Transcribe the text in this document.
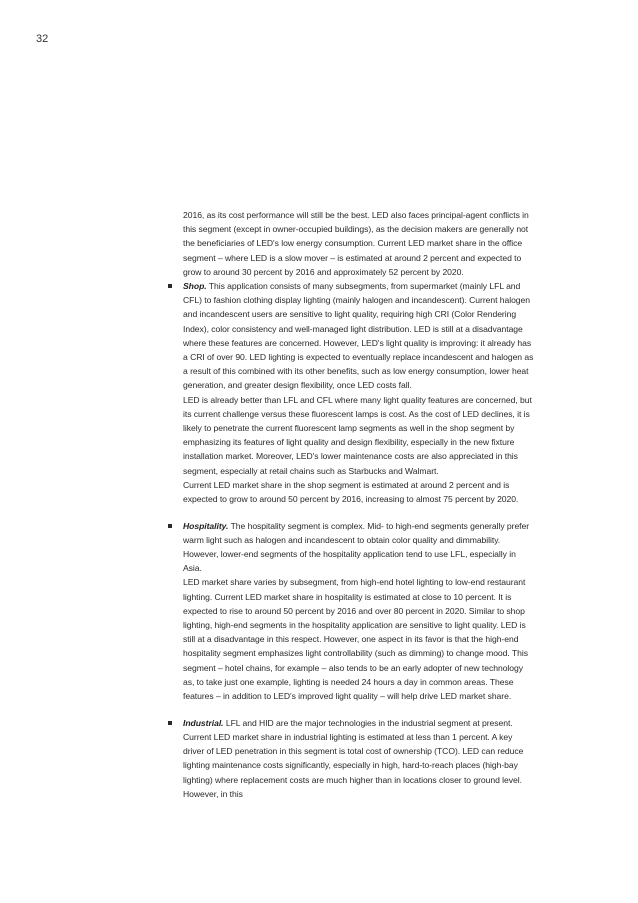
32

2016, as its cost performance will still be the best. LED also faces principal-agent conflicts in this segment (except in owner-occupied buildings), as the decision makers are generally not the beneficiaries of LED's low energy consumption. Current LED market share in the office segment – where LED is a slow mover – is estimated at around 2 percent and expected to grow to around 30 percent by 2016 and approximately 52 percent by 2020.

Shop. This application consists of many subsegments, from supermarket (mainly LFL and CFL) to fashion clothing display lighting (mainly halogen and incandescent). Current halogen and incandescent users are sensitive to light quality, requiring high CRI (Color Rendering Index), color consistency and well-managed light distribution. LED is still at a disadvantage where these features are concerned. However, LED's light quality is improving: it already has a CRI of over 90. LED lighting is expected to eventually replace incandescent and halogen as a result of this combined with its other benefits, such as low energy consumption, lower heat generation, and greater design flexibility, once LED costs fall.

LED is already better than LFL and CFL where many light quality features are concerned, but its current challenge versus these fluorescent lamps is cost. As the cost of LED declines, it is likely to penetrate the current fluorescent lamp segments as well in the shop segment by emphasizing its features of light quality and design flexibility, especially in the new fixture installation market. Moreover, LED's lower maintenance costs are also appreciated in this segment, especially at retail chains such as Starbucks and Walmart.

Current LED market share in the shop segment is estimated at around 2 percent and is expected to grow to around 50 percent by 2016, increasing to almost 75 percent by 2020.

Hospitality. The hospitality segment is complex. Mid- to high-end segments generally prefer warm light such as halogen and incandescent to obtain color quality and dimmability. However, lower-end segments of the hospitality application tend to use LFL, especially in Asia.

LED market share varies by subsegment, from high-end hotel lighting to low-end restaurant lighting. Current LED market share in hospitality is estimated at close to 10 percent. It is expected to rise to around 50 percent by 2016 and over 80 percent in 2020. Similar to shop lighting, high-end segments in the hospitality application are sensitive to light quality. LED is still at a disadvantage in this respect. However, one aspect in its favor is that the high-end hospitality segment emphasizes light controllability (such as dimming) to change mood. This segment – hotel chains, for example – also tends to be an early adopter of new technology as, to take just one example, lighting is needed 24 hours a day in common areas. These features – in addition to LED's improved light quality – will help drive LED market share.

Industrial. LFL and HID are the major technologies in the industrial segment at present. Current LED market share in industrial lighting is estimated at less than 1 percent. A key driver of LED penetration in this segment is total cost of ownership (TCO). LED can reduce lighting maintenance costs significantly, especially in high, hard-to-reach places (high-bay lighting) where replacement costs are much higher than in locations closer to ground level. However, in this
